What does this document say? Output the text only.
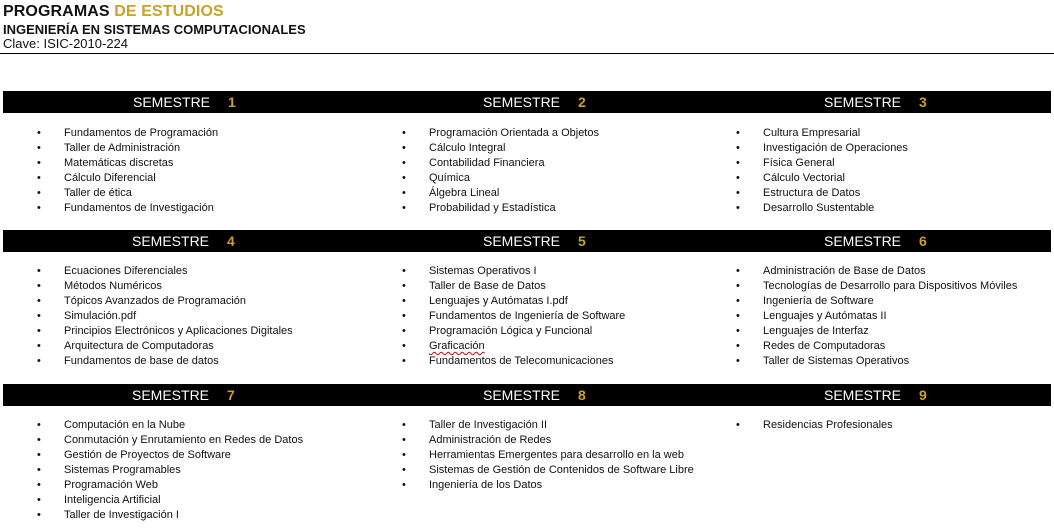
PROGRAMAS DE ESTUDIOS
INGENIERÍA EN SISTEMAS COMPUTACIONALES
Clave: ISIC-2010-224
SEMESTRE 1	SEMESTRE 2	SEMESTRE 3
• Fundamentos de Programación
• Taller de Administración
• Matemáticas discretas
• Cálculo Diferencial
• Taller de ética
• Fundamentos de Investigación
• Programación Orientada a Objetos
• Cálculo Integral
• Contabilidad Financiera
• Química
• Álgebra Lineal
• Probabilidad y Estadística
• Cultura Empresarial
• Investigación de Operaciones
• Física General
• Cálculo Vectorial
• Estructura de Datos
• Desarrollo Sustentable
SEMESTRE 4	SEMESTRE 5	SEMESTRE 6
• Ecuaciones Diferenciales
• Métodos Numéricos
• Tópicos Avanzados de Programación
• Simulación.pdf
• Principios Electrónicos y Aplicaciones Digitales
• Arquitectura de Computadoras
• Fundamentos de base de datos
• Sistemas Operativos I
• Taller de Base de Datos
• Lenguajes y Autómatas I.pdf
• Fundamentos de Ingeniería de Software
• Programación Lógica y Funcional
• Graficación
• Fundamentos de Telecomunicaciones
• Administración de Base de Datos
• Tecnologías de Desarrollo para Dispositivos Móviles
• Ingeniería de Software
• Lenguajes y Autómatas II
• Lenguajes de Interfaz
• Redes de Computadoras
• Taller de Sistemas Operativos
SEMESTRE 7	SEMESTRE 8	SEMESTRE 9
• Computación en la Nube
• Conmutación y Enrutamiento en Redes de Datos
• Gestión de Proyectos de Software
• Sistemas Programables
• Programación Web
• Inteligencia Artificial
• Taller de Investigación I
• Taller de Investigación II
• Administración de Redes
• Herramientas Emergentes para desarrollo en la web
• Sistemas de Gestión de Contenidos de Software Libre
• Ingeniería de los Datos
• Residencias Profesionales
